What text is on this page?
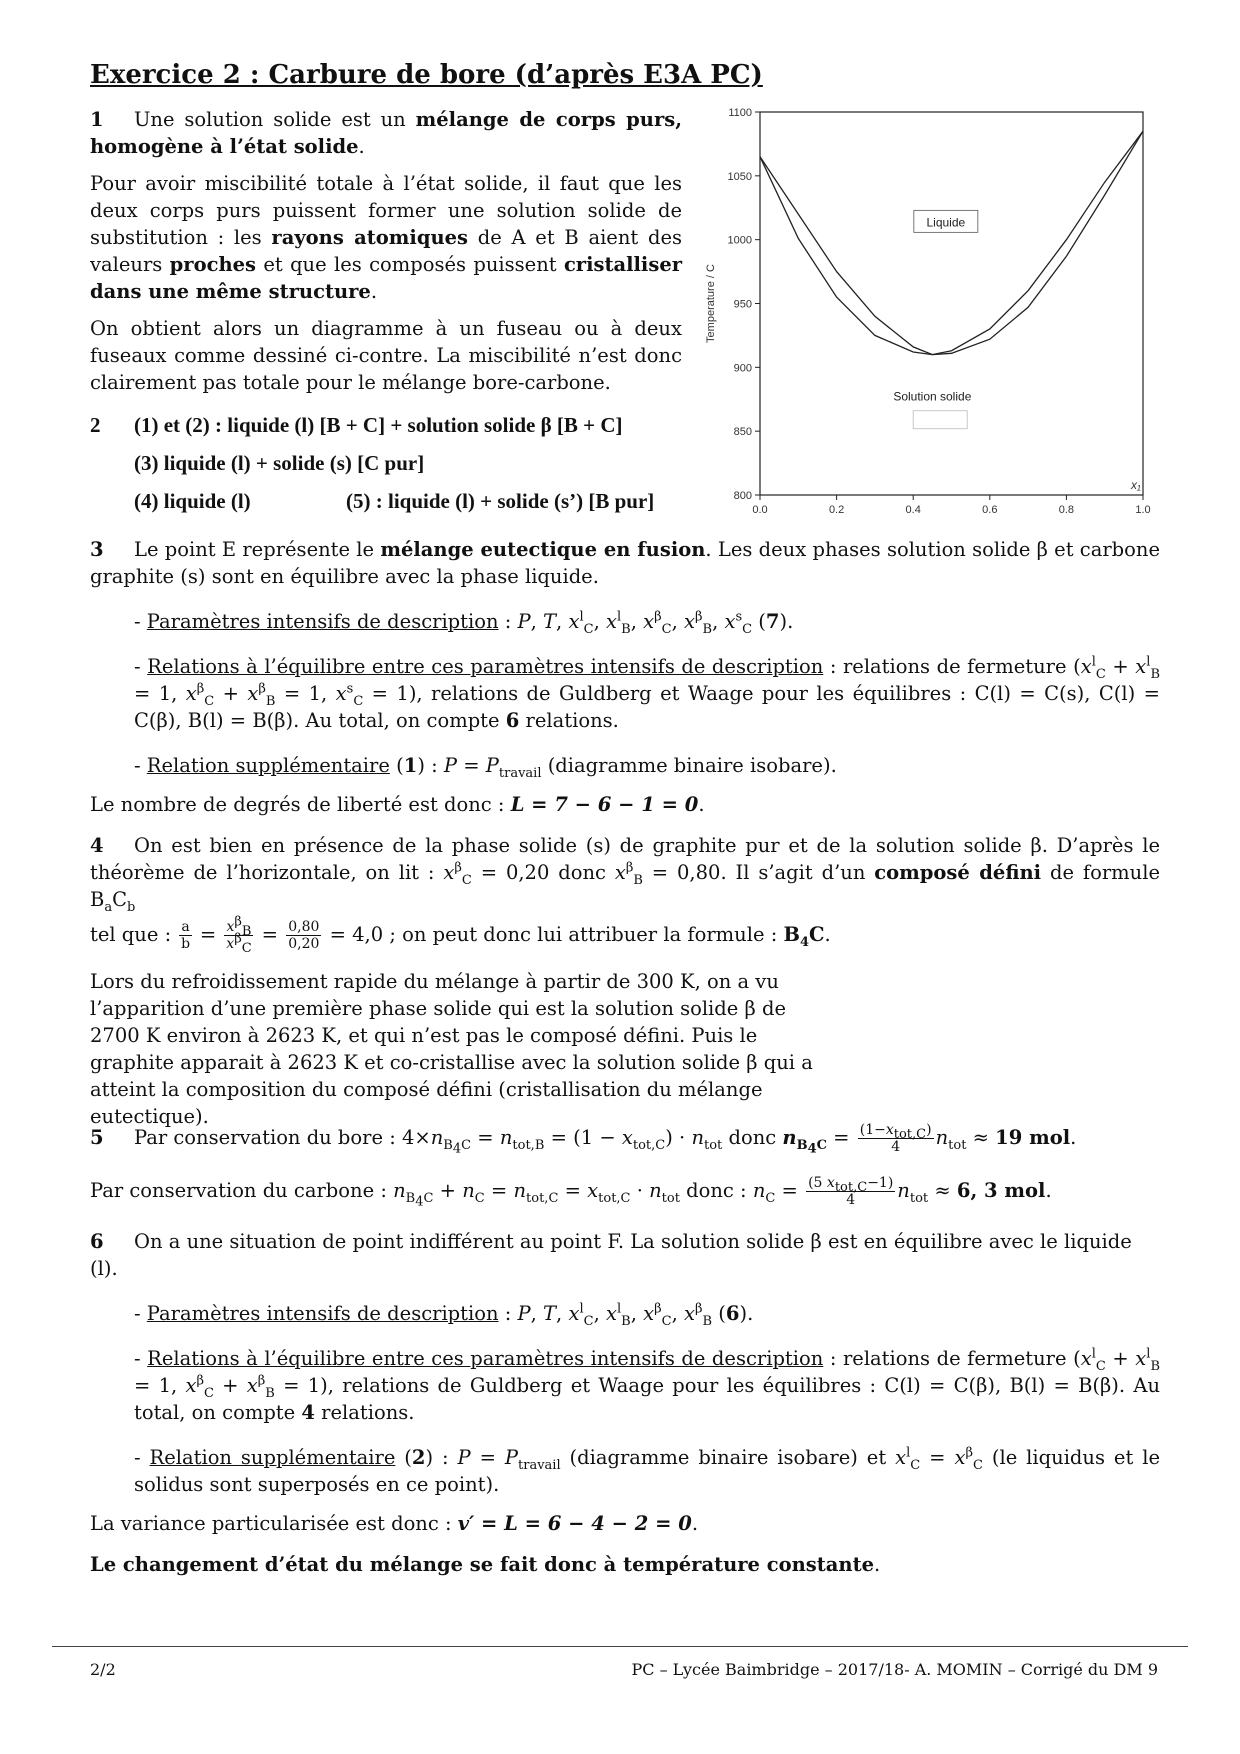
Exercice 2 : Carbure de bore (d’après E3A PC)
800
850
900
950
1000
1050
1100
0.0	0.2	0.4	0.6	0.8	1.0
Temperature / C
x₁
Liquide
Solution solide

1 Une solution solide est un mélange de corps purs, homogène à l’état solide.

Pour avoir miscibilité totale à l’état solide, il faut que les deux corps purs puissent former une solution solide de substitution : les rayons atomiques de A et B aient des valeurs proches et que les composés puissent cristalliser dans une même structure.

On obtient alors un diagramme à un fuseau ou à deux fuseaux comme dessiné ci-contre. La miscibilité n’est donc clairement pas totale pour le mélange bore-carbone.

2 (1) et (2) : liquide (l) [B + C] + solution solide β [B + C]
(3) liquide (l) + solide (s) [C pur]
(4) liquide (l)	(5) : liquide (l) + solide (s’) [B pur]

3 Le point E représente le mélange eutectique en fusion. Les deux phases solution solide β et carbone graphite (s) sont en équilibre avec la phase liquide.

- Paramètres intensifs de description : P, T, $x^l_C$, $x^l_B$, $x^\beta_C$, $x^\beta_B$, $x^s_C$ (7).

- Relations à l’équilibre entre ces paramètres intensifs de description : relations de fermeture ($x^l_C + x^l_B = 1$, $x^\beta_C + x^\beta_B = 1$, $x^s_C = 1$), relations de Guldberg et Waage pour les équilibres : C(l) = C(s), C(l) = C(β), B(l) = B(β). Au total, on compte 6 relations.

- Relation supplémentaire (1) : $P = P_{travail}$ (diagramme binaire isobare).

Le nombre de degrés de liberté est donc : L = 7 − 6 − 1 = 0.

4 On est bien en présence de la phase solide (s) de graphite pur et de la solution solide β. D’après le théorème de l’horizontale, on lit : $x^\beta_C = 0,20$ donc $x^\beta_B = 0,80$. Il s’agit d’un composé défini de formule $B_aC_b$

tel que : $\frac{a}{b} = \frac{x^\beta_B}{x^\beta_C} = \frac{0,80}{0,20} = 4,0$ ; on peut donc lui attribuer la formule : $B_4C$.

Lors du refroidissement rapide du mélange à partir de 300 K, on a vu l’apparition d’une première phase solide qui est la solution solide β de 2700 K environ à 2623 K, et qui n’est pas le composé défini. Puis le graphite apparait à 2623 K et co-cristallise avec la solution solide β qui a atteint la composition du composé défini (cristallisation du mélange eutectique).

5 Par conservation du bore : $4\times n_{B_4C} = n_{tot,B} = (1 - x_{tot,C}) \cdot n_{tot}$ donc $n_{B_4C} = \frac{(1-x_{tot,C})}{4} n_{tot} \approx 19$ mol.

Par conservation du carbone : $n_{B_4C} + n_C = n_{tot,C} = x_{tot,C} \cdot n_{tot}$ donc : $n_C = \frac{(5 x_{tot,C}-1)}{4} n_{tot} \approx 6$, 3 mol.

6 On a une situation de point indifférent au point F. La solution solide β est en équilibre avec le liquide (l).

- Paramètres intensifs de description : P, T, $x^l_C$, $x^l_B$, $x^\beta_C$, $x^\beta_B$ (6).

- Relations à l’équilibre entre ces paramètres intensifs de description : relations de fermeture ($x^l_C + x^l_B = 1$, $x^\beta_C + x^\beta_B = 1$), relations de Guldberg et Waage pour les équilibres : C(l) = C(β), B(l) = B(β). Au total, on compte 4 relations.

- Relation supplémentaire (2) : $P = P_{travail}$ (diagramme binaire isobare) et $x^l_C = x^\beta_C$ (le liquidus et le solidus sont superposés en ce point).

La variance particularisée est donc : v′ = L = 6 − 4 − 2 = 0.

Le changement d’état du mélange se fait donc à température constante.

2/2	PC – Lycée Baimbridge – 2017/18- A. MOMIN – Corrigé du DM 9
